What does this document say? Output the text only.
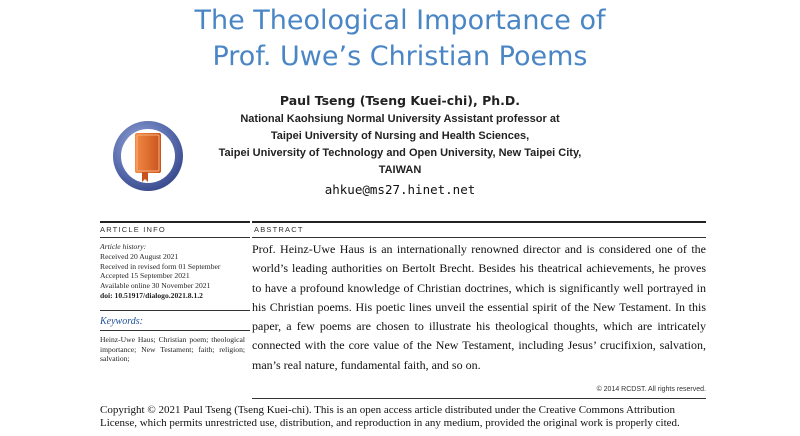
The Theological Importance of
Prof. Uwe’s Christian Poems
Paul Tseng (Tseng Kuei-chi), Ph.D.
National Kaohsiung Normal University Assistant professor at
Taipei University of Nursing and Health Sciences,
Taipei University of Technology and Open University, New Taipei City,
TAIWAN
ahkue@ms27.hinet.net
ARTICLE INFO	ABSTRACT
Article history:
Received 20 August 2021
Received in revised form 01 September
Accepted 15 September 2021
Available online 30 November 2021
doi: 10.51917/dialogo.2021.8.1.2
Keywords:
Heinz-Uwe Haus; Christian poem; theological importance; New Testament; faith; religion; salvation;

Prof. Heinz-Uwe Haus is an internationally renowned director and is considered one of the world’s leading authorities on Bertolt Brecht. Besides his theatrical achievements, he proves to have a profound knowledge of Christian doctrines, which is significantly well portrayed in his Christian poems. His poetic lines unveil the essential spirit of the New Testament. In this paper, a few poems are chosen to illustrate his theological thoughts, which are intricately connected with the core value of the New Testament, including Jesus’ crucifixion, salvation, man’s real nature, fundamental faith, and so on.

© 2014 RCDST. All rights reserved.
Copyright © 2021 Paul Tseng (Tseng Kuei-chi). This is an open access article distributed under the Creative Commons Attribution License, which permits unrestricted use, distribution, and reproduction in any medium, provided the original work is properly cited.
